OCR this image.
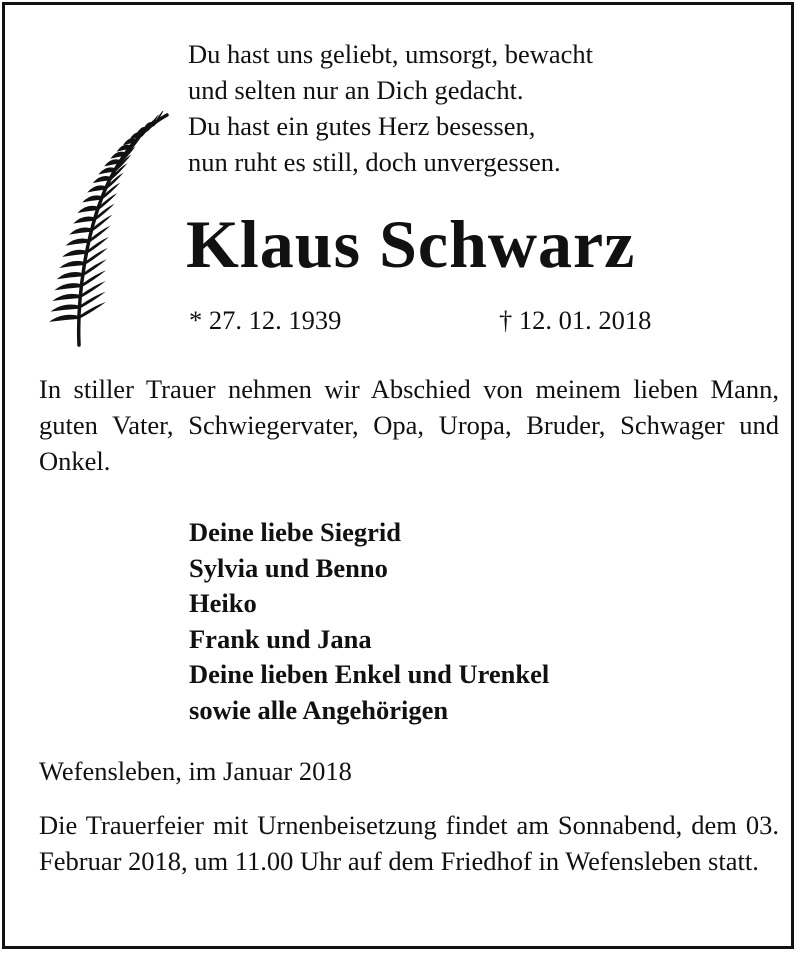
Du hast uns geliebt, umsorgt, bewacht
und selten nur an Dich gedacht.
Du hast ein gutes Herz besessen,
nun ruht es still, doch unvergessen.
Klaus Schwarz
* 27. 12. 1939	† 12. 01. 2018
In stiller Trauer nehmen wir Abschied von meinem lieben Mann, guten Vater, Schwiegervater, Opa, Uropa, Bruder, Schwager und Onkel.
Deine liebe Siegrid
Sylvia und Benno
Heiko
Frank und Jana
Deine lieben Enkel und Urenkel
sowie alle Angehörigen
Wefensleben, im Januar 2018
Die Trauerfeier mit Urnenbeisetzung findet am Sonnabend, dem 03. Februar 2018, um 11.00 Uhr auf dem Friedhof in Wefensleben statt.
